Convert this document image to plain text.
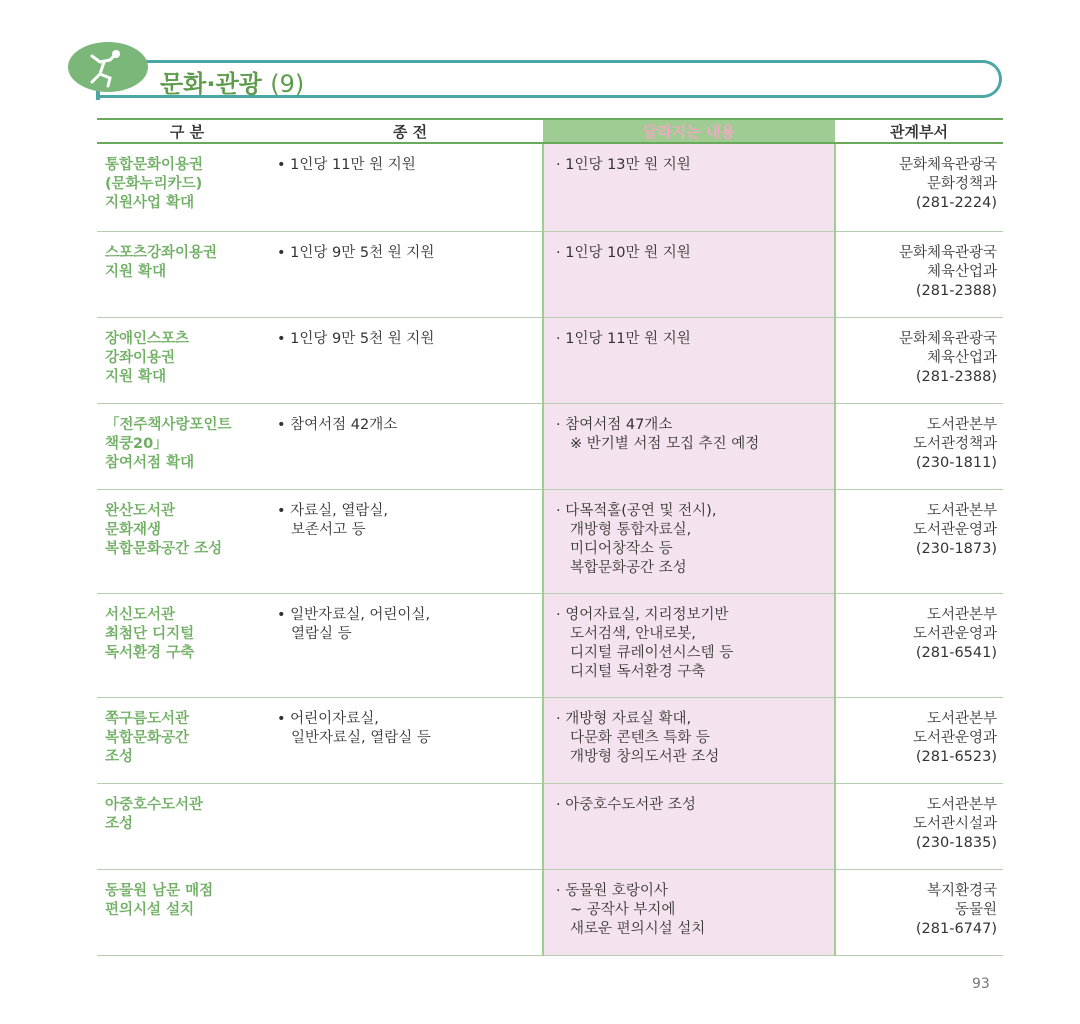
문화·관광 (9)
구 분	종 전	달라지는 내용	관계부서

통합문화이용권
(문화누리카드)
지원사업 확대	• 1인당 11만 원 지원	· 1인당 13만 원 지원	문화체육관광국
문화정책과
(281-2224)

스포츠강좌이용권
지원 확대	• 1인당 9만 5천 원 지원	· 1인당 10만 원 지원	문화체육관광국
체육산업과
(281-2388)

장애인스포츠
강좌이용권
지원 확대	• 1인당 9만 5천 원 지원	· 1인당 11만 원 지원	문화체육관광국
체육산업과
(281-2388)

「전주책사랑포인트
책쿵20」
참여서점 확대	• 참여서점 42개소	· 참여서점 47개소
※ 반기별 서점 모집 추진 예정	도서관본부
도서관정책과
(230-1811)

완산도서관
문화재생
복합문화공간 조성	• 자료실, 열람실,
보존서고 등	· 다목적홀(공연 및 전시),
개방형 통합자료실,
미디어창작소 등
복합문화공간 조성	도서관본부
도서관운영과
(230-1873)

서신도서관
최첨단 디지털
독서환경 구축	• 일반자료실, 어린이실,
열람실 등	· 영어자료실, 지리정보기반
도서검색, 안내로봇,
디지털 큐레이션시스템 등
디지털 독서환경 구축	도서관본부
도서관운영과
(281-6541)

쪽구름도서관
복합문화공간
조성	• 어린이자료실,
일반자료실, 열람실 등	· 개방형 자료실 확대,
다문화 콘텐츠 특화 등
개방형 창의도서관 조성	도서관본부
도서관운영과
(281-6523)

아중호수도서관
조성		· 아중호수도서관 조성	도서관본부
도서관시설과
(230-1835)

동물원 남문 매점
편의시설 설치		· 동물원 호랑이사
~ 공작사 부지에
새로운 편의시설 설치	복지환경국
동물원
(281-6747)
93
